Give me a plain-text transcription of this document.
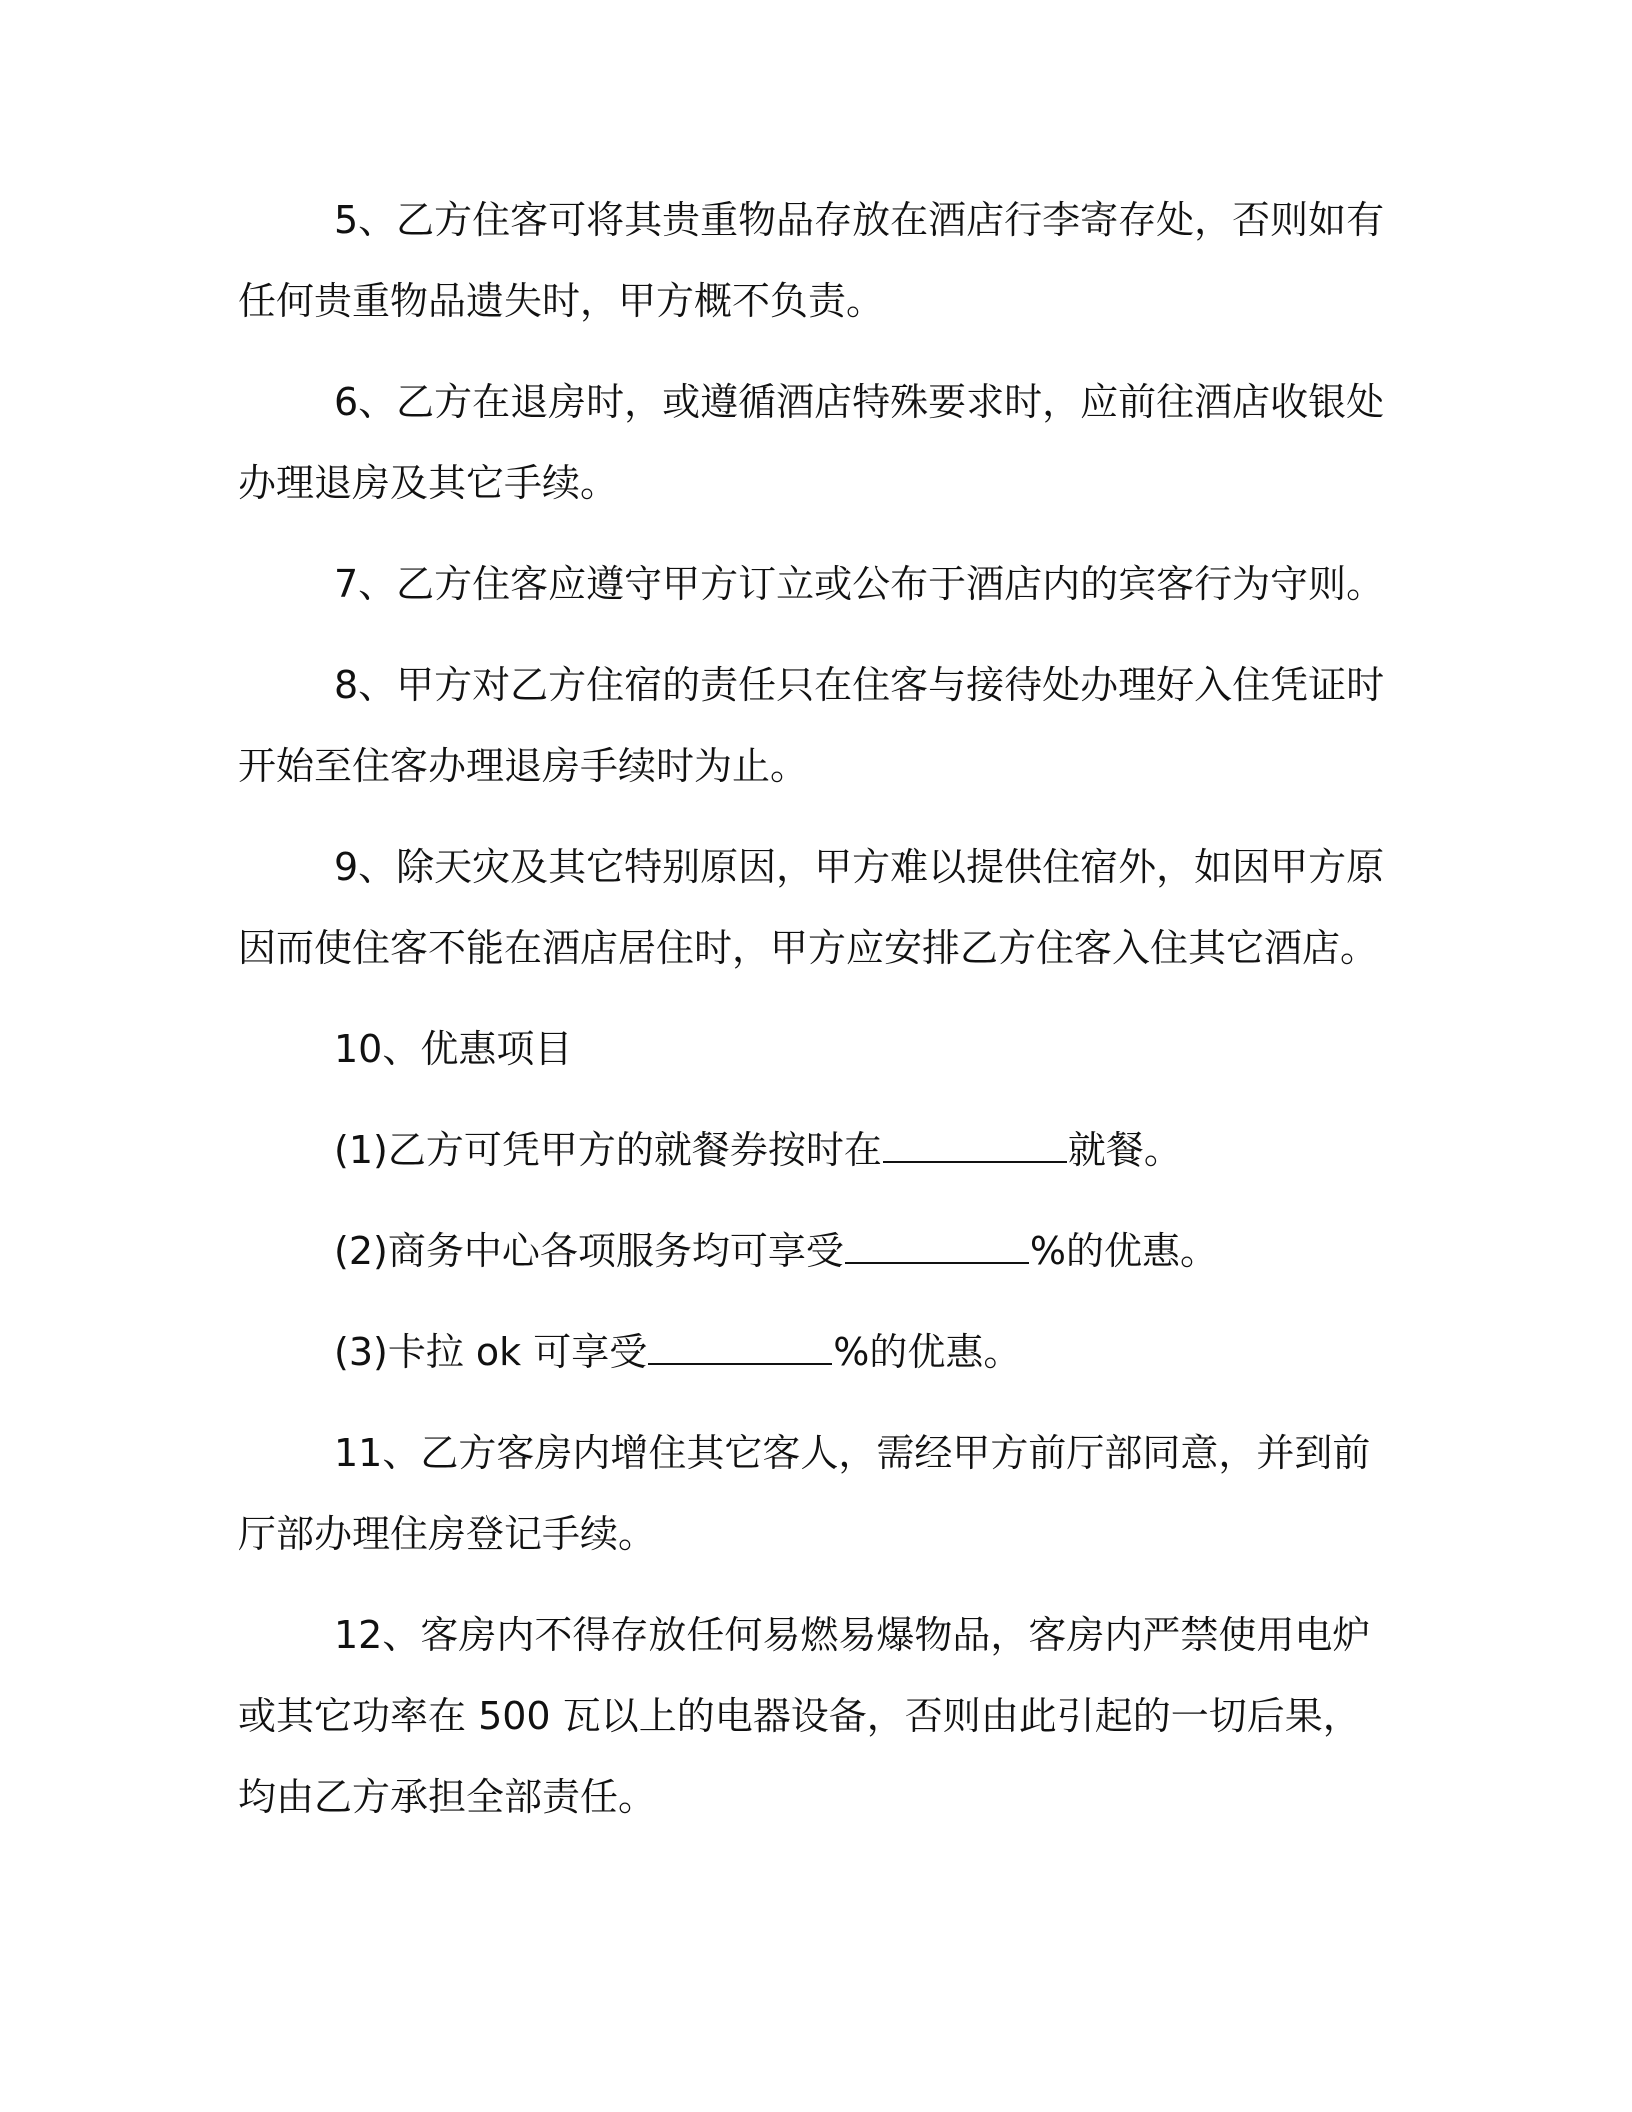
5、乙方住客可将其贵重物品存放在酒店行李寄存处，否则如有任何贵重物品遗失时，甲方概不负责。

6、乙方在退房时，或遵循酒店特殊要求时，应前往酒店收银处办理退房及其它手续。

7、乙方住客应遵守甲方订立或公布于酒店内的宾客行为守则。

8、甲方对乙方住宿的责任只在住客与接待处办理好入住凭证时开始至住客办理退房手续时为止。

9、除天灾及其它特别原因，甲方难以提供住宿外，如因甲方原因而使住客不能在酒店居住时，甲方应安排乙方住客入住其它酒店。

10、优惠项目

(1)乙方可凭甲方的就餐券按时在	就餐。

(2)商务中心各项服务均可享受	%的优惠。

(3)卡拉 ok 可享受	%的优惠。

11、乙方客房内增住其它客人，需经甲方前厅部同意，并到前厅部办理住房登记手续。

12、客房内不得存放任何易燃易爆物品，客房内严禁使用电炉或其它功率在 500 瓦以上的电器设备，否则由此引起的一切后果，均由乙方承担全部责任。
